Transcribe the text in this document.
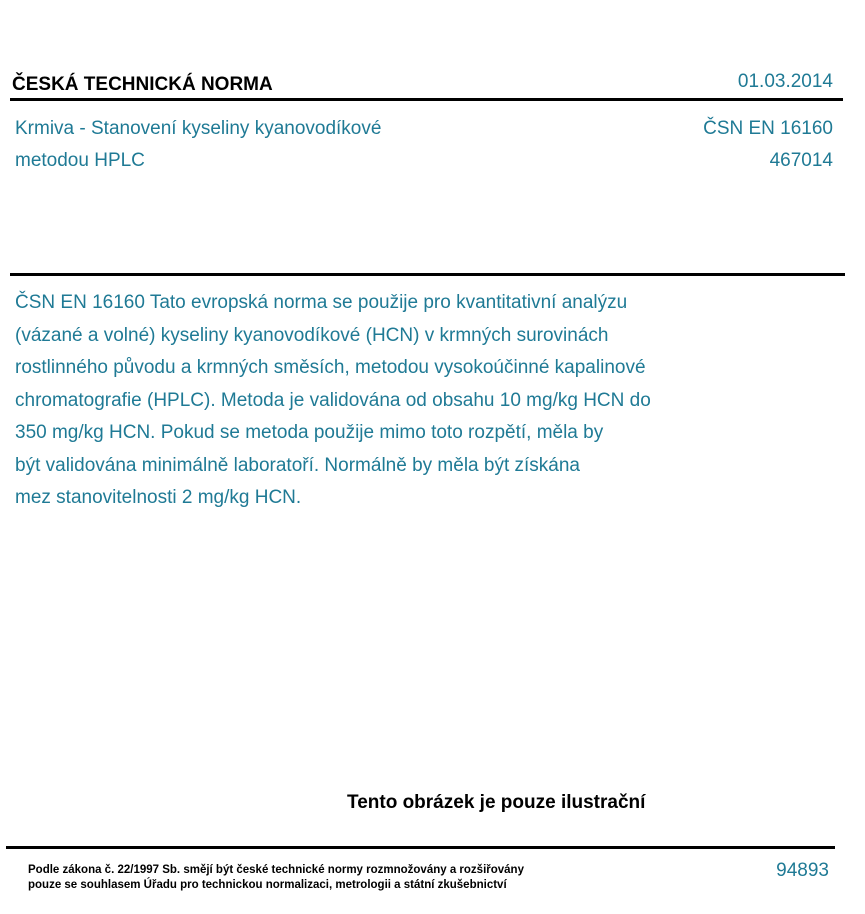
ČESKÁ TECHNICKÁ NORMA	01.03.2014
Krmiva - Stanovení kyseliny kyanovodíkové
metodou HPLC
ČSN EN 16160
467014
ČSN EN 16160 Tato evropská norma se použije pro kvantitativní analýzu
(vázané a volné) kyseliny kyanovodíkové (HCN) v krmných surovinách
rostlinného původu a krmných směsích, metodou vysokoúčinné kapalinové
chromatografie (HPLC). Metoda je validována od obsahu 10 mg/kg HCN do
350 mg/kg HCN. Pokud se metoda použije mimo toto rozpětí, měla by
být validována minimálně laboratoří. Normálně by měla být získána
mez stanovitelnosti 2 mg/kg HCN.
Tento obrázek je pouze ilustrační
Podle zákona č. 22/1997 Sb. smějí být české technické normy rozmnožovány a rozšiřovány
pouze se souhlasem Úřadu pro technickou normalizaci, metrologii a státní zkušebnictví
94893
